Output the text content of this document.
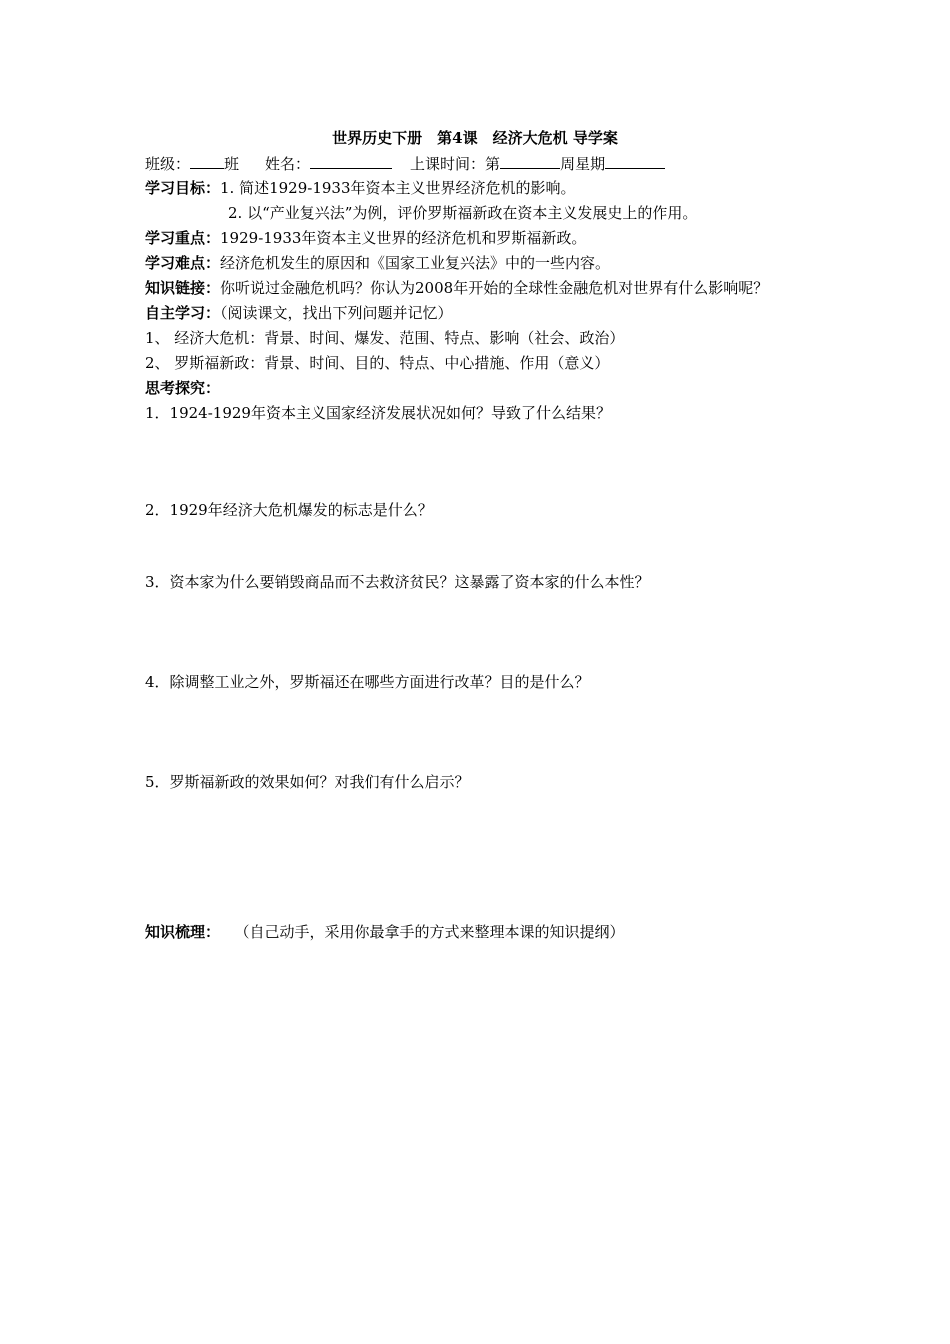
世界历史下册　第4课　经济大危机 导学案
班级： 班 姓名：	上课时间：第	周星期
学习目标：1. 简述1929-1933年资本主义世界经济危机的影响。
2. 以“产业复兴法”为例，评价罗斯福新政在资本主义发展史上的作用。
学习重点：1929-1933年资本主义世界的经济危机和罗斯福新政。
学习难点：经济危机发生的原因和《国家工业复兴法》中的一些内容。
知识链接：你听说过金融危机吗？你认为2008年开始的全球性金融危机对世界有什么影响呢？
自主学习：（阅读课文，找出下列问题并记忆）
1、 经济大危机：背景、时间、爆发、范围、特点、影响（社会、政治）
2、 罗斯福新政：背景、时间、目的、特点、中心措施、作用（意义）
思考探究：
1．1924-1929年资本主义国家经济发展状况如何？导致了什么结果？
2．1929年经济大危机爆发的标志是什么？
3．资本家为什么要销毁商品而不去救济贫民？这暴露了资本家的什么本性？
4．除调整工业之外，罗斯福还在哪些方面进行改革？目的是什么？
5．罗斯福新政的效果如何？对我们有什么启示？
知识梳理： （自己动手，采用你最拿手的方式来整理本课的知识提纲）
